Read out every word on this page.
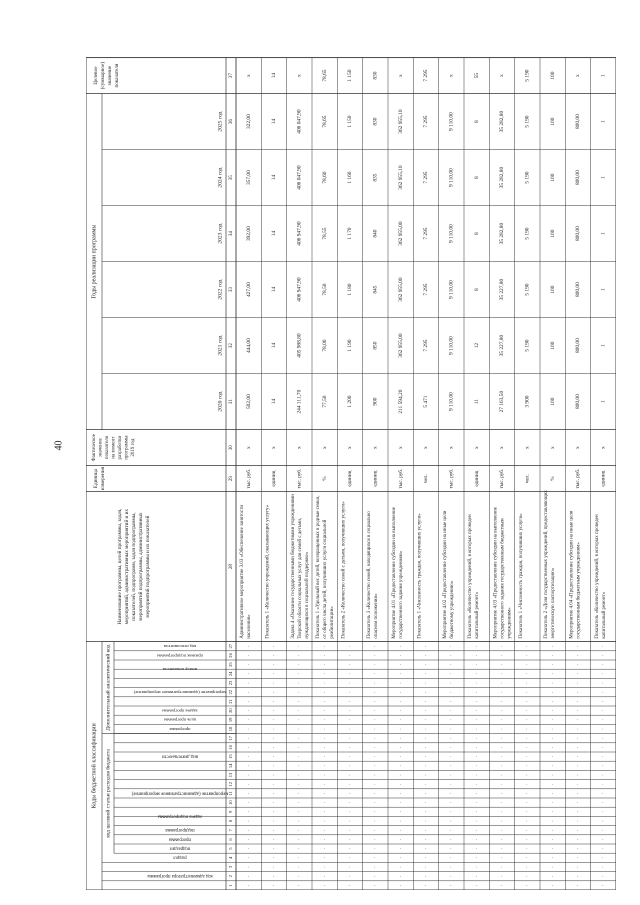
40
Коды бюджетной классификации
Дополнительный аналитический код
код целевой статьи расходов бюджета
код администратора программы
раздел
подраздел
программа
подпрограмма
задача подпрограммы
мероприятие (административное мероприятие)
вид деятельности
программа
цель программы
задача программы
мероприятие (административное мероприятие)
номер показателя
признак подпрограммы
код исполнителя
Наименование программы, целей программы, задач, мероприятий, административных мероприятий и их показателей, подпрограмм, задач подпрограммы, мероприятий подпрограммы, административных мероприятий подпрограммы и их показателей
Единица измерения
Фактическое значение показателя на момент разработки программы 2019 год
Годы реализации программы
2020 год
2021 год
2022 год
2023 год
2024 год
2025 год
Целевое (суммарное) значение показателя
1
2
3
4
5
6
7
8
9
10
11
12
13
14
15
16
17
18
19
20
21
22
23
24
25
26
27
28
29
30
31
32
33
34
35
36
37
·
·
·
·
·
·
·
·
·
·
·
·
·
·
·
·
·
·
·
·
·
·
·
·
·
·
·
Административное мероприятие 3.03 «Обеспечение занятости населения»
тыс. руб.
х
502,00
444,00
427,00
392,00
357,00
322,00
х
·
·
·
·
·
·
·
·
·
·
·
·
·
·
·
·
·
·
·
·
·
·
·
·
·
·
·
Показатель 1 «Количество учреждений, оказывающих услугу»
единиц
х
14
14
14
14
14
14
14
·
·
·
·
·
·
·
·
·
·
·
·
·
·
·
·
·
·
·
·
·
·
·
·
·
·
·
Задача 4 «Оказание государственными бюджетными учреждениями Тверской области социальных услуг для семей с детьми, нуждающихся в социальной поддержке»
тыс. руб.
х
244 111,70
405 988,80
406 947,90
406 947,90
406 047,90
406 047,90
х
·
·
·
·
·
·
·
·
·
·
·
·
·
·
·
·
·
·
·
·
·
·
·
·
·
·
·
Показатель 1 «Удельный вес детей, возвращенных в родные семьи, от общего числа детей, получивших услуги социальной реабилитации»
%
х
77,50
78,00
78,50
78,55
78,60
78,65
78,65
·
·
·
·
·
·
·
·
·
·
·
·
·
·
·
·
·
·
·
·
·
·
·
·
·
·
·
Показатель 2 «Количество семей с детьми, получивших услуги»
единиц
х
1 200
1 190
1 180
1 170
1 160
1 150
1 150
·
·
·
·
·
·
·
·
·
·
·
·
·
·
·
·
·
·
·
·
·
·
·
·
·
·
·
Показатель 3 «Количество семей, находящихся в социально опасном положении»
единиц
х
900
850
845
840
835
830
830
·
·
·
·
·
·
·
·
·
·
·
·
·
·
·
·
·
·
·
·
·
·
·
·
·
·
·
Мероприятие 4.01 «Предоставление субсидии на выполнение государственного задания учреждениям»
тыс. руб.
х
211 594,20
362 955,00
362 955,00
362 955,00
362 955,10
362 955,10
х
·
·
·
·
·
·
·
·
·
·
·
·
·
·
·
·
·
·
·
·
·
·
·
·
·
·
·
Показатель 1 «Численность граждан, получивших услуги»
чел.
х
5 471
7 295
7 295
7 295
7 295
7 295
7 295
·
·
·
·
·
·
·
·
·
·
·
·
·
·
·
·
·
·
·
·
·
·
·
·
·
·
·
Мероприятие 4.02 «Предоставление субсидии на иные цели бюджетному учреждению»
тыс. руб.
х
9 110,00
9 110,00
9 110,00
9 110,00
9 110,00
9 110,00
х
·
·
·
·
·
·
·
·
·
·
·
·
·
·
·
·
·
·
·
·
·
·
·
·
·
·
·
Показатель «Количество учреждений, в которых проведен капитальный ремонт»
единиц
х
11
12
8
8
8
8
55
·
·
·
·
·
·
·
·
·
·
·
·
·
·
·
·
·
·
·
·
·
·
·
·
·
·
·
Мероприятие 4.03 «Предоставление субсидии на выполнение государственного задания государственным бюджетным учреждениям»
тыс. руб.
х
27 163,50
35 227,80
35 227,80
35 282,80
35 282,80
35 282,80
х
·
·
·
·
·
·
·
·
·
·
·
·
·
·
·
·
·
·
·
·
·
·
·
·
·
·
·
Показатель 1 «Численность граждан, получивших услуги»
чел.
х
3 900
5 190
5 190
5 190
5 190
5 190
5 190
·
·
·
·
·
·
·
·
·
·
·
·
·
·
·
·
·
·
·
·
·
·
·
·
·
·
·
Показатель 2 «Доля государственных учреждений, предоставляющих энергетическую паспортизацию»
%
х
100
100
100
100
100
100
100
·
·
·
·
·
·
·
·
·
·
·
·
·
·
·
·
·
·
·
·
·
·
·
·
·
·
·
Мероприятие 4.04 «Предоставление субсидии на иные цели государственным бюджетным учреждениям»
тыс. руб.
х
800,00
800,00
800,00
800,00
800,00
800,00
х
·
·
·
·
·
·
·
·
·
·
·
·
·
·
·
·
·
·
·
·
·
·
·
·
·
·
·
Показатель «Количество учреждений, в которых проведен капитальный ремонт»
единиц
х
1
1
1
1
1
1
1
